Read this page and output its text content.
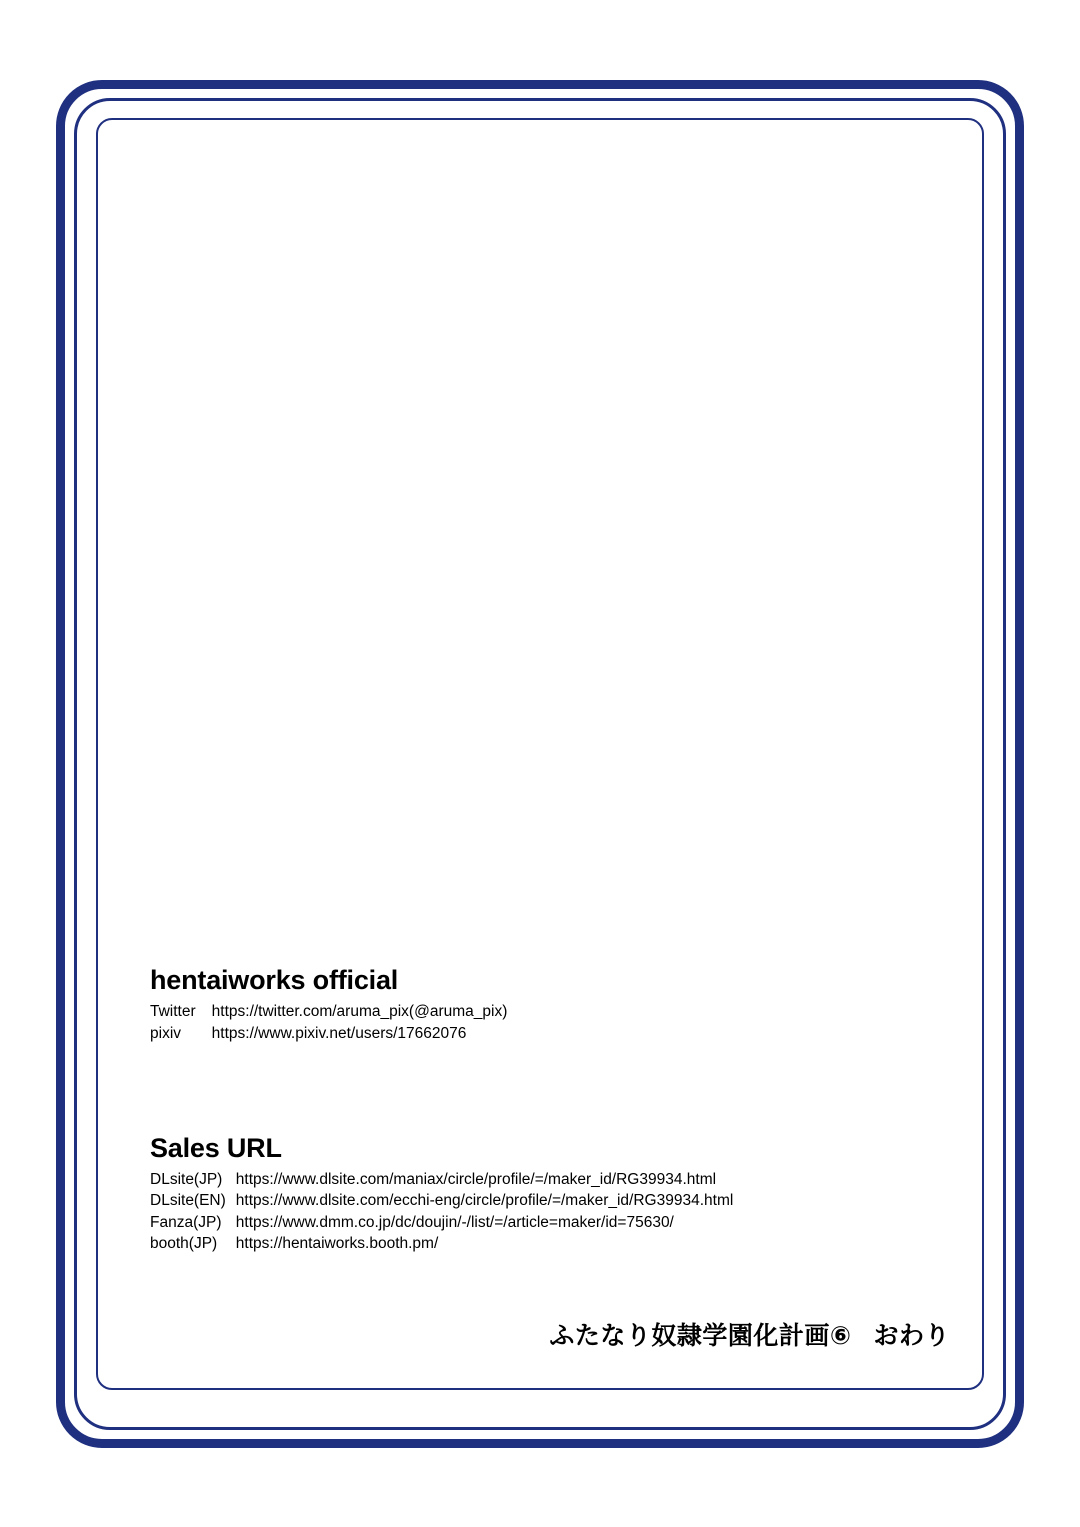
hentaiworks official
Twitter	https://twitter.com/aruma_pix(@aruma_pix)
pixiv	https://www.pixiv.net/users/17662076
Sales URL
DLsite(JP)	https://www.dlsite.com/maniax/circle/profile/=/maker_id/RG39934.html
DLsite(EN)	https://www.dlsite.com/ecchi-eng/circle/profile/=/maker_id/RG39934.html
Fanza(JP)	https://www.dmm.co.jp/dc/doujin/-/list/=/article=maker/id=75630/
booth(JP)	https://hentaiworks.booth.pm/
ふたなり奴隷学園化計画⑥ おわり
